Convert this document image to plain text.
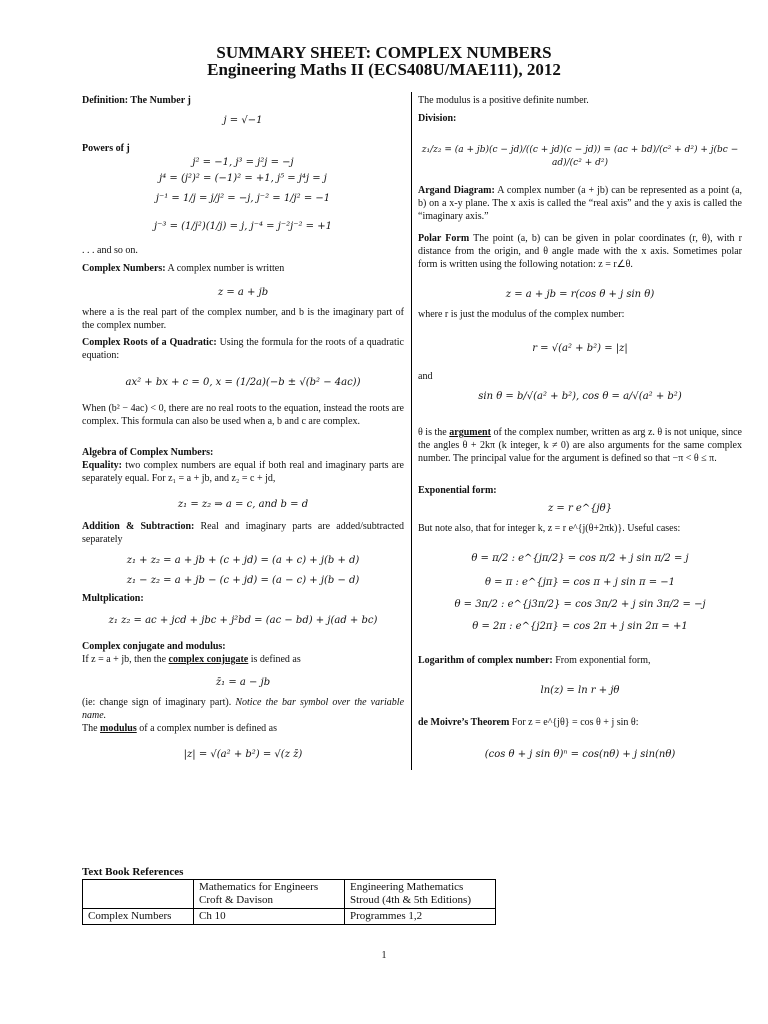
SUMMARY SHEET: COMPLEX NUMBERS
Engineering Maths II (ECS408U/MAE111), 2012
Definition: The Number j
j = √−1
Powers of j
j² = −1, j³ = j²j = −j
j⁴ = (j²)² = (−1)² = +1, j⁵ = j⁴j = j
j⁻¹ = 1/j = j/j² = −j, j⁻² = 1/j² = −1
j⁻³ = (1/j²)(1/j) = j, j⁻⁴ = j⁻²j⁻² = +1
. . . and so on.
Complex Numbers: A complex number is written
z = a + jb
where a is the real part of the complex number, and b is the imaginary part of the complex number.
Complex Roots of a Quadratic: Using the formula for the roots of a quadratic equation:
ax² + bx + c = 0, x = (1/2a)(−b ± √(b² − 4ac))
When (b² − 4ac) < 0, there are no real roots to the equation, instead the roots are complex. This formula can also be used when a, b and c are complex.
Algebra of Complex Numbers:
Equality: two complex numbers are equal if both real and imaginary parts are separately equal. For z₁ = a + jb, and z₂ = c + jd,
z₁ = z₂ ⇒ a = c, and b = d
Addition & Subtraction: Real and imaginary parts are added/subtracted separately
z₁ + z₂ = a + jb + (c + jd) = (a + c) + j(b + d)
z₁ − z₂ = a + jb − (c + jd) = (a − c) + j(b − d)
Multplication:
z₁ z₂ = ac + jcd + jbc + j²bd = (ac − bd) + j(ad + bc)
Complex conjugate and modulus:
If z = a + jb, then the complex conjugate is defined as
z̄₁ = a − jb
(ie: change sign of imaginary part). Notice the bar symbol over the variable name.
The modulus of a complex number is defined as
|z| = √(a² + b²) = √(z z̄)
The modulus is a positive definite number.
Division:
z₁/z₂ = (a + jb)(c − jd)/((c + jd)(c − jd)) = (ac + bd)/(c² + d²) + j(bc − ad)/(c² + d²)
Argand Diagram: A complex number (a + jb) can be represented as a point (a, b) on a x-y plane. The x axis is called the “real axis” and the y axis is called the “imaginary axis.”
Polar Form The point (a, b) can be given in polar coordinates (r, θ), with r distance from the origin, and θ angle made with the x axis. Sometimes polar form is written using the following notation: z = r∠θ.
z = a + jb = r(cos θ + j sin θ)
where r is just the modulus of the complex number:
r = √(a² + b²) = |z|
and
sin θ = b/√(a² + b²), cos θ = a/√(a² + b²)
θ is the argument of the complex number, written as arg z. θ is not unique, since the angles θ + 2kπ (k integer, k ≠ 0) are also arguments for the same complex number. The principal value for the argument is defined so that −π < θ ≤ π.
Exponential form:
z = r e^{jθ}
But note also, that for integer k, z = r e^{j(θ+2πk)}. Useful cases:
θ = π/2 : e^{jπ/2} = cos π/2 + j sin π/2 = j
θ = π : e^{jπ} = cos π + j sin π = −1
θ = 3π/2 : e^{j3π/2} = cos 3π/2 + j sin 3π/2 = −j
θ = 2π : e^{j2π} = cos 2π + j sin 2π = +1
Logarithm of complex number: From exponential form,
ln(z) = ln r + jθ
de Moivre’s Theorem For z = e^{jθ} = cos θ + j sin θ:
(cos θ + j sin θ)ⁿ = cos(nθ) + j sin(nθ)
Text Book References
	Mathematics for Engineers
Croft & Davison	Engineering Mathematics
Stroud (4th & 5th Editions)
Complex Numbers	Ch 10	Programmes 1,2
1
